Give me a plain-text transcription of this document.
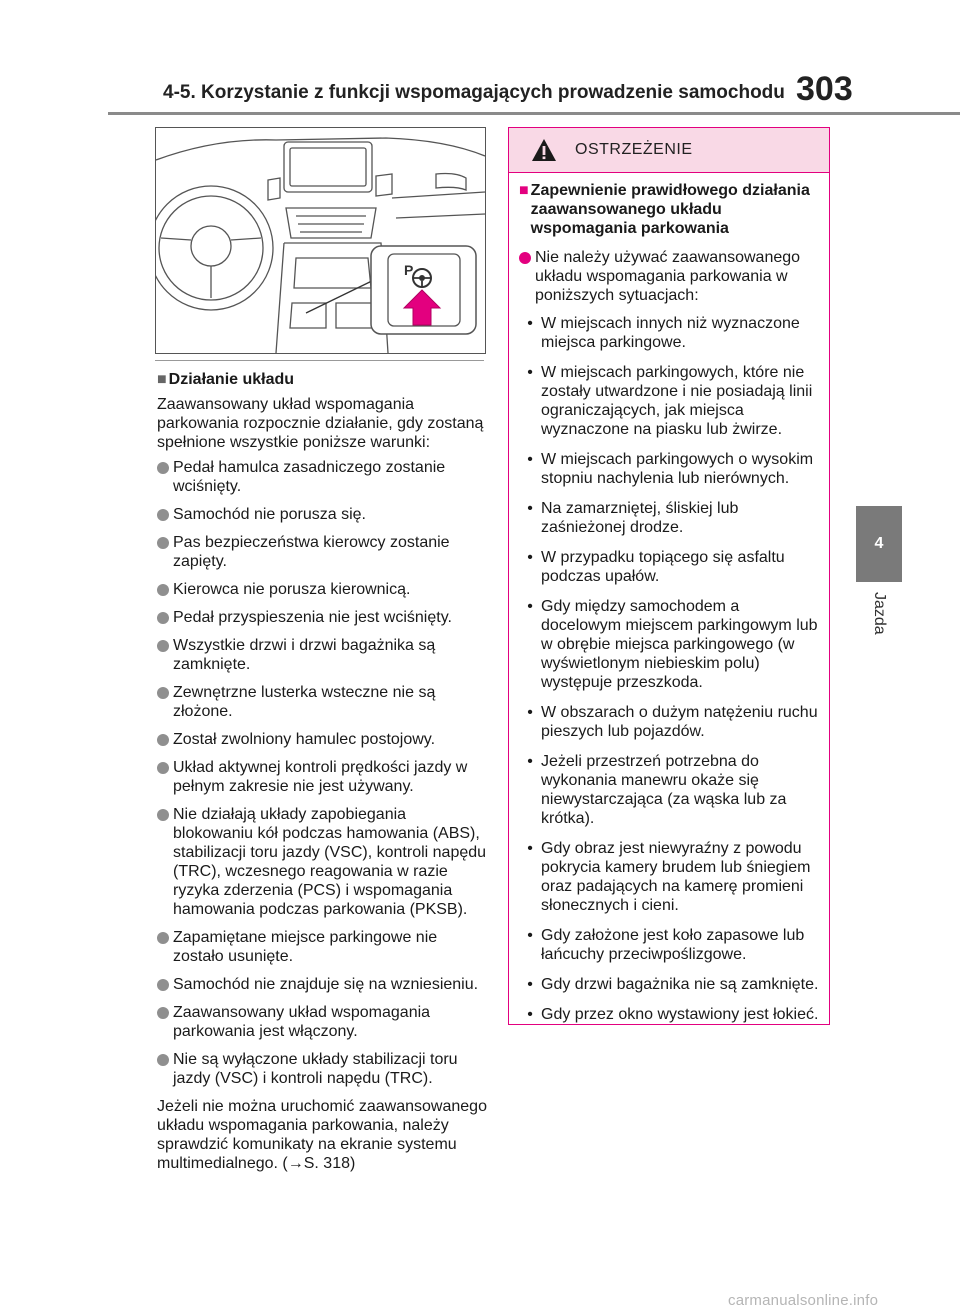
4-5. Korzystanie z funkcji wspomagających prowadzenie samochodu 303
4
Jazda
P
■ Działanie układu

Zaawansowany układ wspomagania parkowania rozpocznie działanie, gdy zostaną spełnione wszystkie poniższe warunki:

Pedał hamulca zasadniczego zostanie wciśnięty.
Samochód nie porusza się.
Pas bezpieczeństwa kierowcy zostanie zapięty.
Kierowca nie porusza kierownicą.
Pedał przyspieszenia nie jest wciśnięty.
Wszystkie drzwi i drzwi bagażnika są zamknięte.
Zewnętrzne lusterka wsteczne nie są złożone.
Został zwolniony hamulec postojowy.
Układ aktywnej kontroli prędkości jazdy w pełnym zakresie nie jest używany.
Nie działają układy zapobiegania blokowaniu kół podczas hamowania (ABS), stabilizacji toru jazdy (VSC), kontroli napędu (TRC), wczesnego reagowania w razie ryzyka zderzenia (PCS) i wspomagania hamowania podczas parkowania (PKSB).
Zapamiętane miejsce parkingowe nie zostało usunięte.
Samochód nie znajduje się na wzniesieniu.
Zaawansowany układ wspomagania parkowania jest włączony.
Nie są wyłączone układy stabilizacji toru jazdy (VSC) i kontroli napędu (TRC).

Jeżeli nie można uruchomić zaawansowanego układu wspomagania parkowania, należy sprawdzić komunikaty na ekranie systemu multimedialnego. (→S. 318)

OSTRZEŻENIE
■ Zapewnienie prawidłowego działania zaawansowanego układu wspomagania parkowania
Nie należy używać zaawansowanego układu wspomagania parkowania w poniższych sytuacjach:
• W miejscach innych niż wyznaczone miejsca parkingowe.
• W miejscach parkingowych, które nie zostały utwardzone i nie posiadają linii ograniczających, jak miejsca wyznaczone na piasku lub żwirze.
• W miejscach parkingowych o wysokim stopniu nachylenia lub nierównych.
• Na zamarzniętej, śliskiej lub zaśnieżonej drodze.
• W przypadku topiącego się asfaltu podczas upałów.
• Gdy między samochodem a docelowym miejscem parkingowym lub w obrębie miejsca parkingowego (w wyświetlonym niebieskim polu) występuje przeszkoda.
• W obszarach o dużym natężeniu ruchu pieszych lub pojazdów.
• Jeżeli przestrzeń potrzebna do wykonania manewru okaże się niewystarczająca (za wąska lub za krótka).
• Gdy obraz jest niewyraźny z powodu pokrycia kamery brudem lub śniegiem oraz padających na kamerę promieni słonecznych i cieni.
• Gdy założone jest koło zapasowe lub łańcuchy przeciwpoślizgowe.
• Gdy drzwi bagażnika nie są zamknięte.
• Gdy przez okno wystawiony jest łokieć.
carmanualsonline.info
